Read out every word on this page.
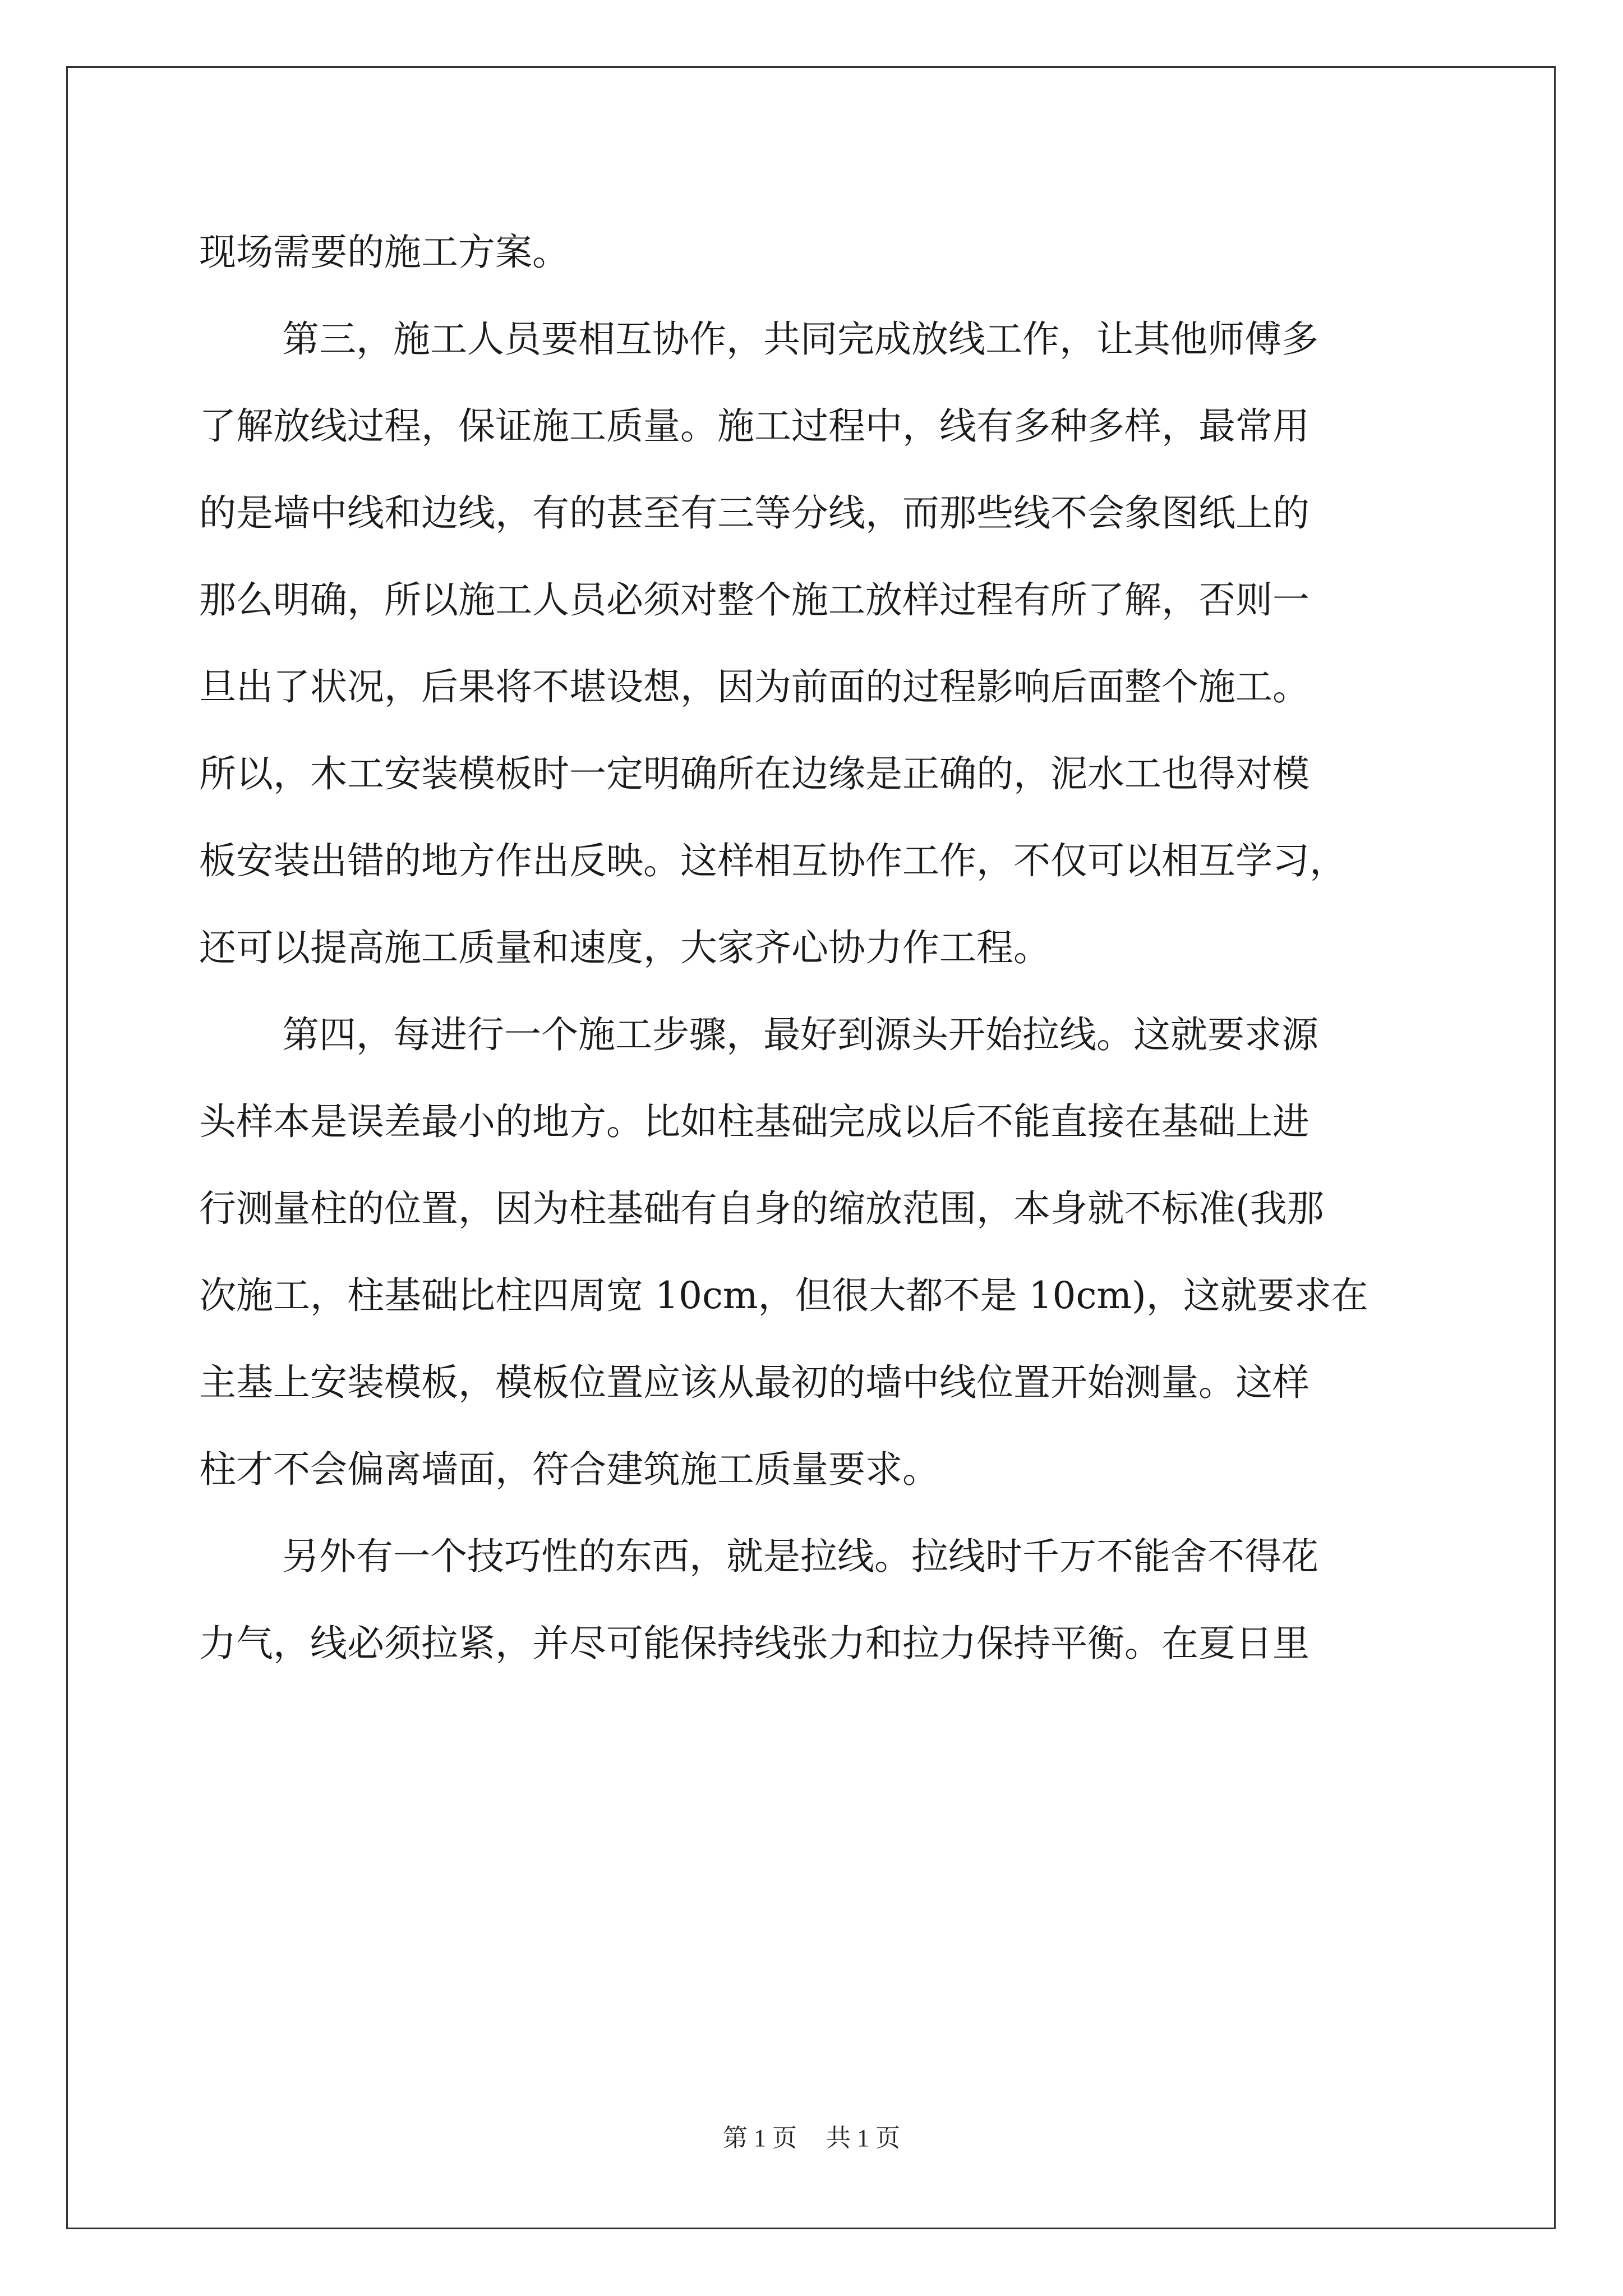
现场需要的施工方案。
第三，施工人员要相互协作，共同完成放线工作，让其他师傅多
了解放线过程，保证施工质量。施工过程中，线有多种多样，最常用
的是墙中线和边线，有的甚至有三等分线，而那些线不会象图纸上的
那么明确，所以施工人员必须对整个施工放样过程有所了解，否则一
旦出了状况，后果将不堪设想，因为前面的过程影响后面整个施工。
所以，木工安装模板时一定明确所在边缘是正确的，泥水工也得对模
板安装出错的地方作出反映。这样相互协作工作，不仅可以相互学习，
还可以提高施工质量和速度，大家齐心协力作工程。
第四，每进行一个施工步骤，最好到源头开始拉线。这就要求源
头样本是误差最小的地方。比如柱基础完成以后不能直接在基础上进
行测量柱的位置，因为柱基础有自身的缩放范围，本身就不标准(我那
次施工，柱基础比柱四周宽 10cm，但很大都不是 10cm)，这就要求在
主基上安装模板，模板位置应该从最初的墙中线位置开始测量。这样
柱才不会偏离墙面，符合建筑施工质量要求。
另外有一个技巧性的东西，就是拉线。拉线时千万不能舍不得花
力气，线必须拉紧，并尽可能保持线张力和拉力保持平衡。在夏日里
第 1 页 共 1 页
